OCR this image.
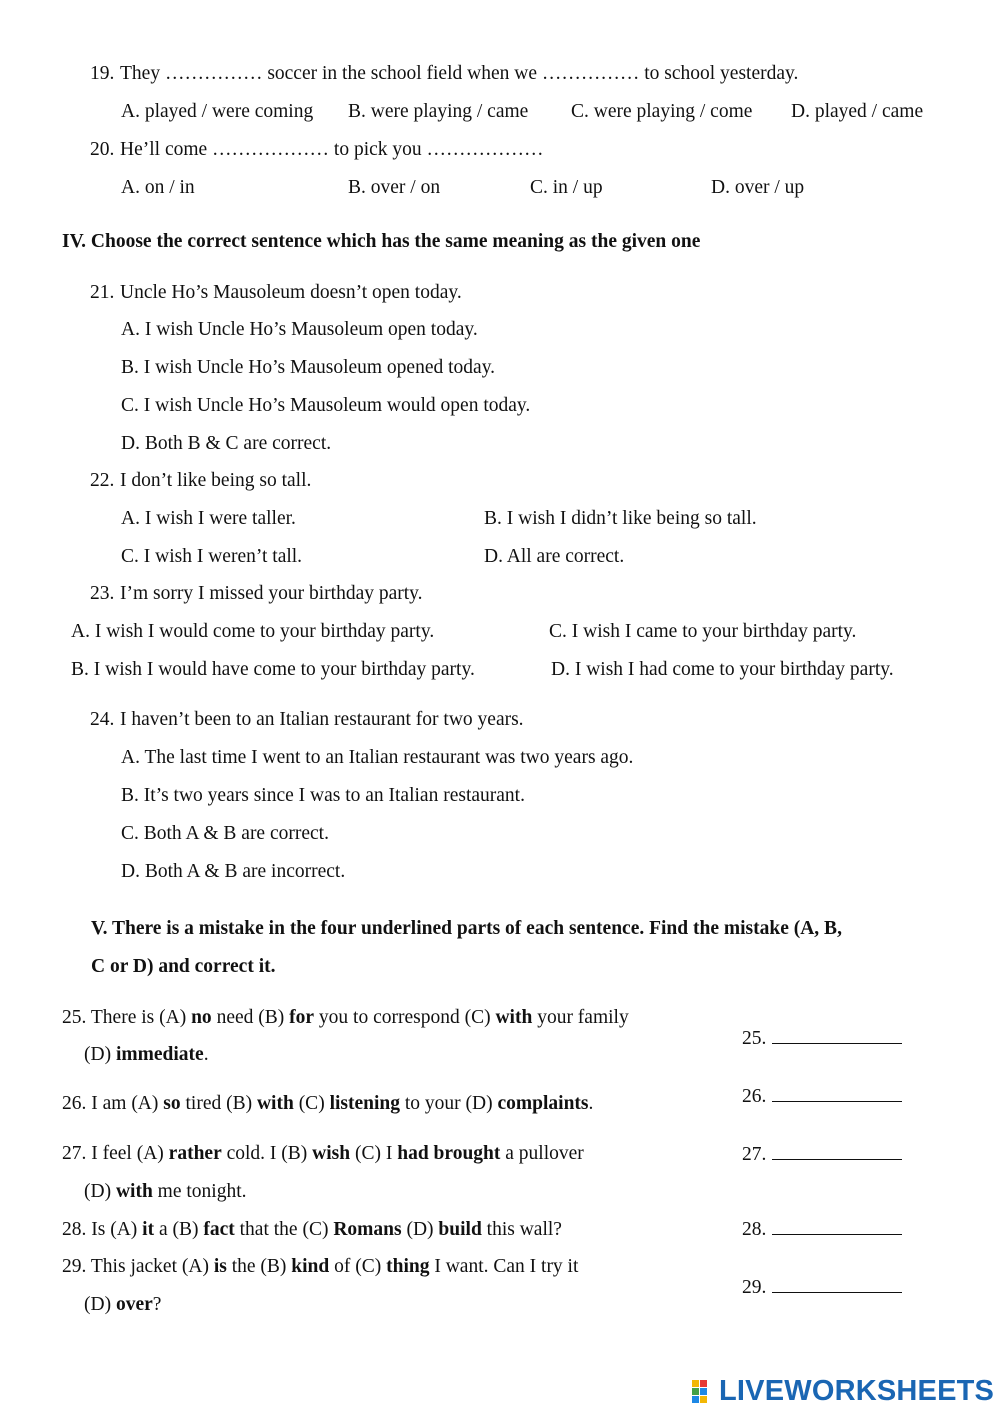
19. They …………… soccer in the school field when we …………… to school yesterday.
A. played / were coming B. were playing / came C. were playing / come D. played / came
20. He’ll come ……………… to pick you ………………
A. on / in	B. over / on	C. in / up	D. over / up
IV. Choose the correct sentence which has the same meaning as the given one
21. Uncle Ho’s Mausoleum doesn’t open today.
A. I wish Uncle Ho’s Mausoleum open today.
B. I wish Uncle Ho’s Mausoleum opened today.
C. I wish Uncle Ho’s Mausoleum would open today.
D. Both B & C are correct.
22. I don’t like being so tall.
A. I wish I were taller.	B. I wish I didn’t like being so tall.
C. I wish I weren’t tall.	D. All are correct.
23. I’m sorry I missed your birthday party.
A. I wish I would come to your birthday party.	C. I wish I came to your birthday party.
B. I wish I would have come to your birthday party.	D. I wish I had come to your birthday party.
24. I haven’t been to an Italian restaurant for two years.
A. The last time I went to an Italian restaurant was two years ago.
B. It’s two years since I was to an Italian restaurant.
C. Both A & B are correct.
D. Both A & B are incorrect.
V. There is a mistake in the four underlined parts of each sentence. Find the mistake (A, B,
C or D) and correct it.
25. There is (A) no need (B) for you to correspond (C) with your family
(D) immediate.
25.
26. I am (A) so tired (B) with (C) listening to your (D) complaints.	26.
27. I feel (A) rather cold. I (B) wish (C) I had brought a pullover
(D) with me tonight.
27.
28. Is (A) it a (B) fact that the (C) Romans (D) build this wall?	28.
29. This jacket (A) is the (B) kind of (C) thing I want. Can I try it
(D) over?
29.
LIVEWORKSHEETS
